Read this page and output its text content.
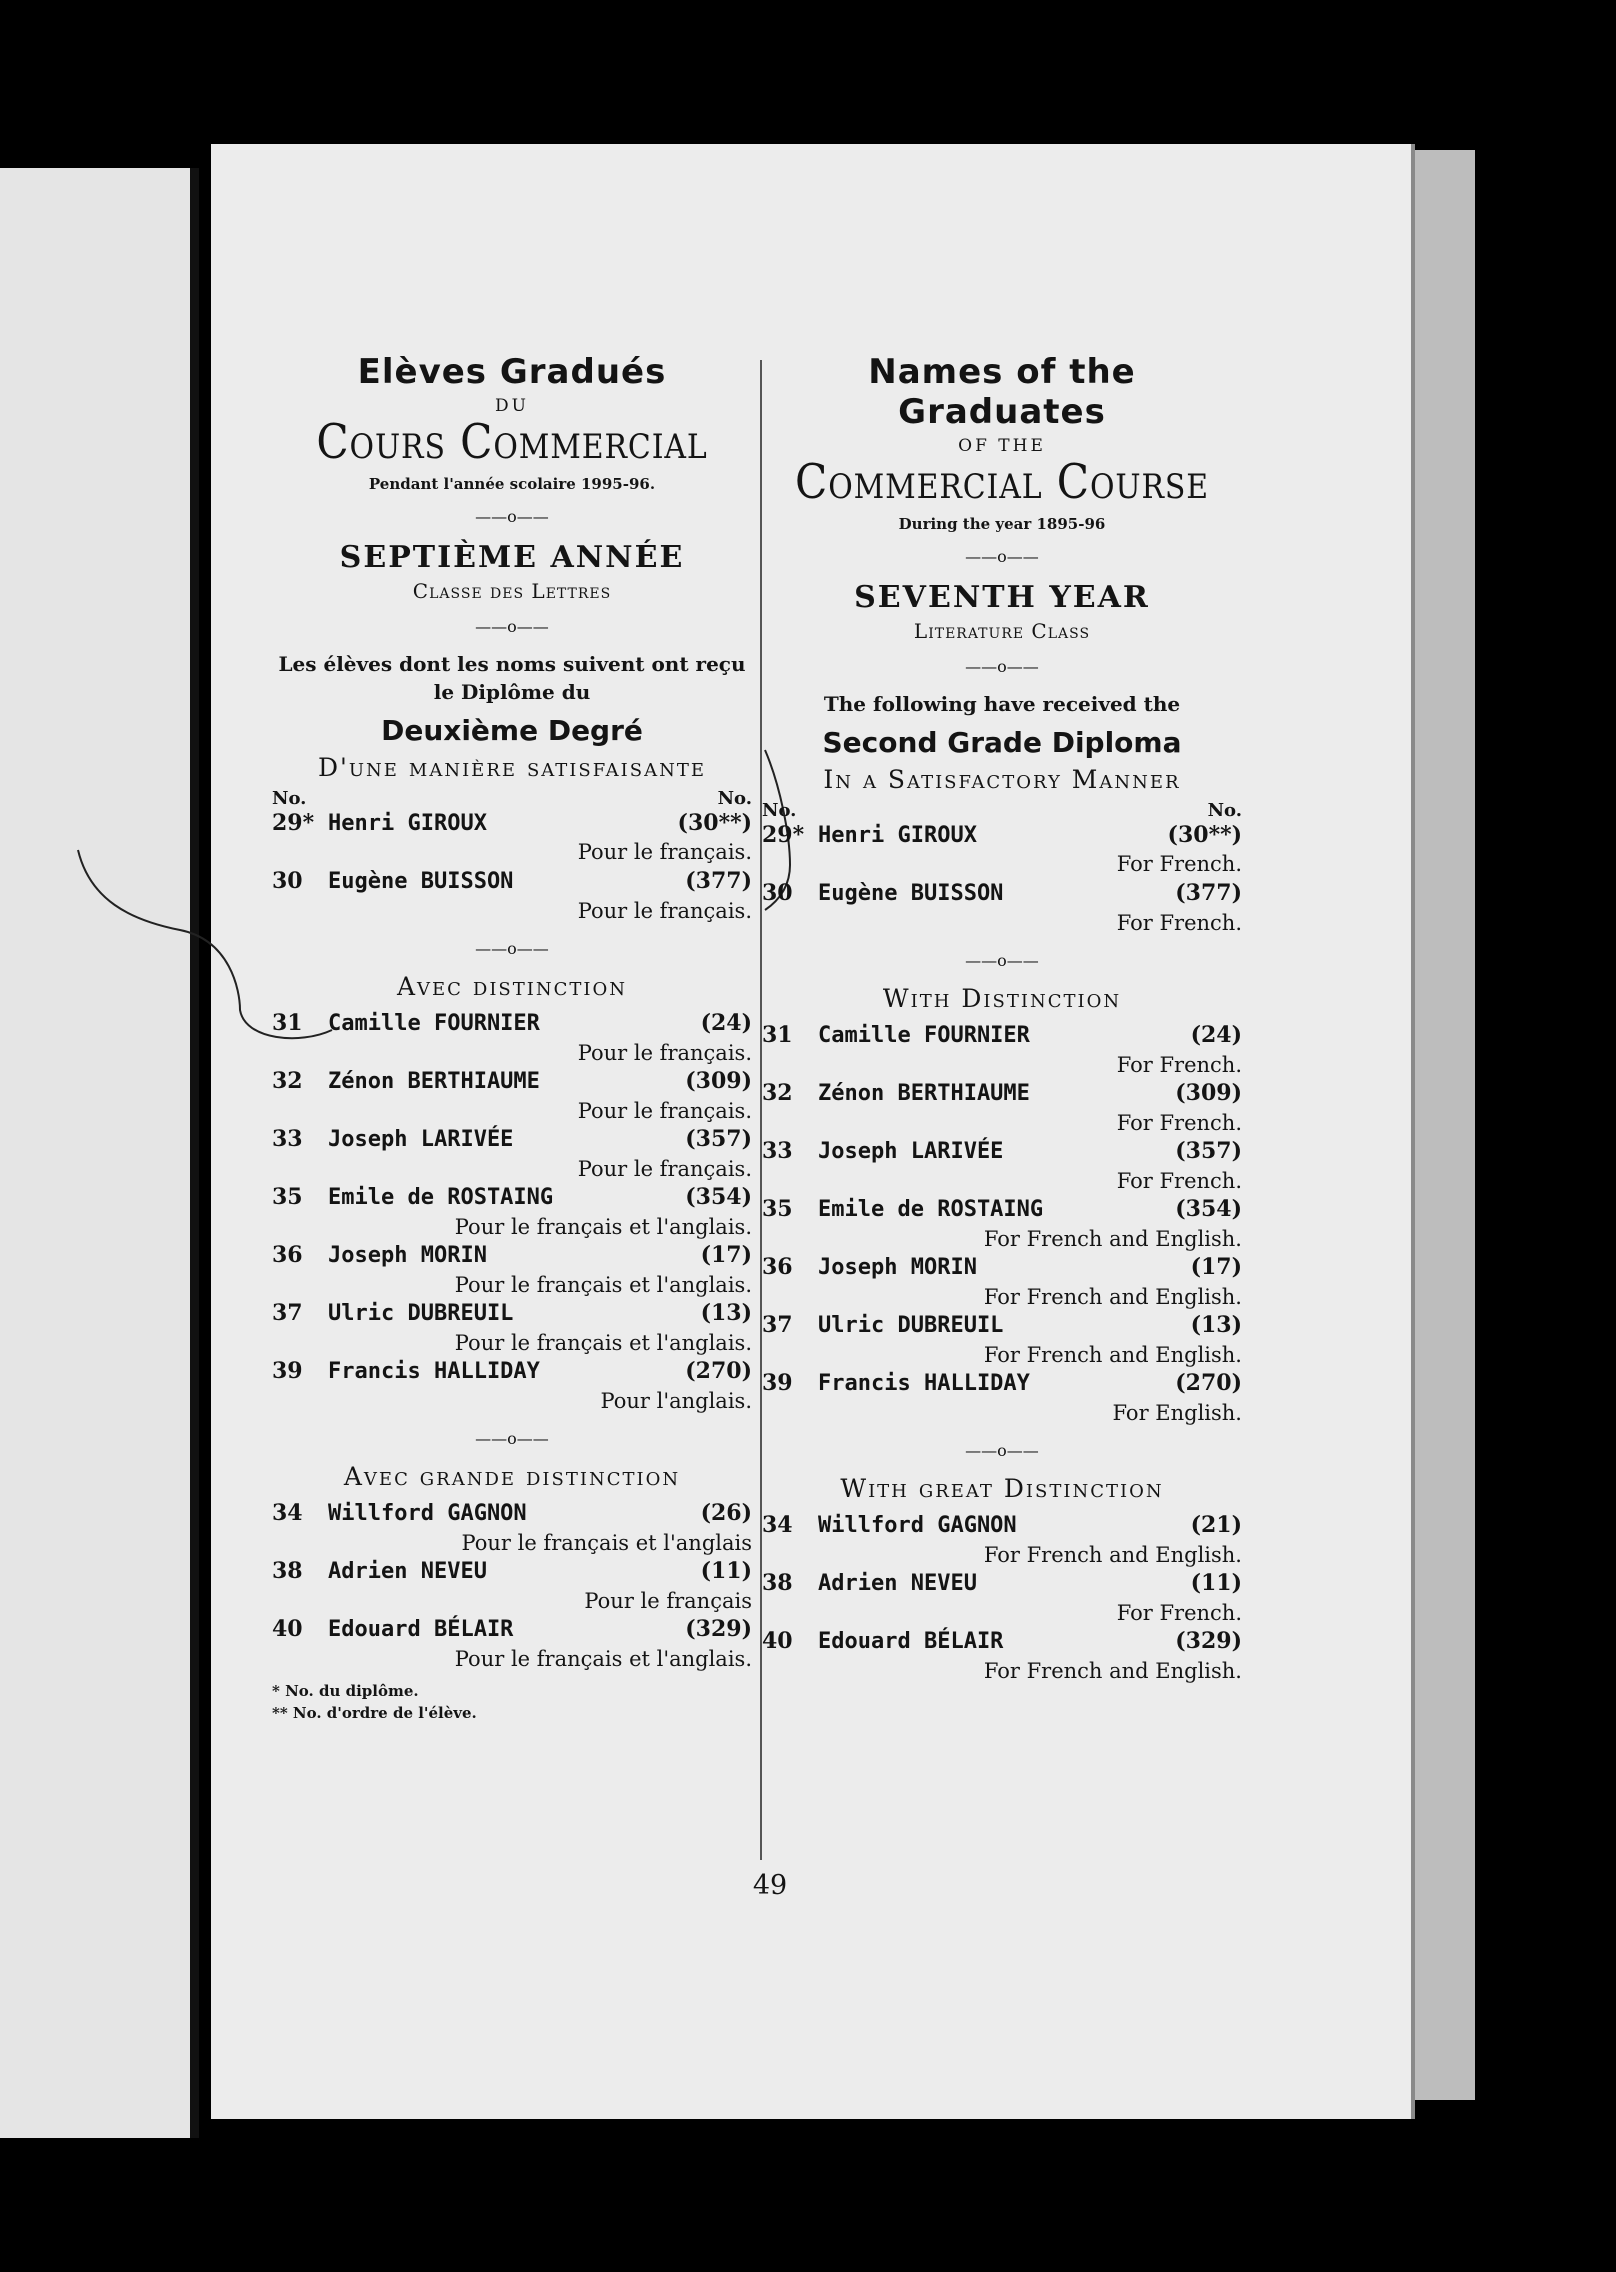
Elèves Gradués

DU

Cours Commercial

Pendant l'année scolaire 1995-96.

——o——

SEPTIÈME ANNÉE

Classe des Lettres

——o——

Les élèves dont les noms suivent ont reçu le Diplôme du

Deuxième Degré

D'une manière satisfaisante

No.	No.
29* Henri GIROUX	(30**)
Pour le français.
30	Eugène BUISSON	(377)
Pour le français.

——o——

Avec distinction

31	Camille FOURNIER	(24)
Pour le français.
32	Zénon BERTHIAUME	(309)
Pour le français.
33	Joseph LARIVÉE	(357)
Pour le français.
35	Emile de ROSTAING	(354)
Pour le français et l'anglais.
36	Joseph MORIN	(17)
Pour le français et l'anglais.
37	Ulric DUBREUIL	(13)
Pour le français et l'anglais.
39	Francis HALLIDAY	(270)
Pour l'anglais.

——o——

Avec grande distinction

34	Willford GAGNON	(26)
Pour le français et l'anglais
38	Adrien NEVEU	(11)
Pour le français
40	Edouard BÉLAIR	(329)
Pour le français et l'anglais.
* No. du diplôme.
** No. d'ordre de l'élève.

Names of the Graduates

OF THE

Commercial Course

During the year 1895-96

——o——

SEVENTH YEAR

Literature Class

——o——

The following have received the

Second Grade Diploma

In a Satisfactory Manner

No.	No.
29* Henri GIROUX	(30**)
For French.
30	Eugène BUISSON	(377)
For French.

——o——

With Distinction

31	Camille FOURNIER	(24)
For French.
32	Zénon BERTHIAUME	(309)
For French.
33	Joseph LARIVÉE	(357)
For French.
35	Emile de ROSTAING	(354)
For French and English.
36	Joseph MORIN	(17)
For French and English.
37	Ulric DUBREUIL	(13)
For French and English.
39	Francis HALLIDAY	(270)
For English.

——o——

With great Distinction

34	Willford GAGNON	(21)
For French and English.
38	Adrien NEVEU	(11)
For French.
40	Edouard BÉLAIR	(329)
For French and English.
49
